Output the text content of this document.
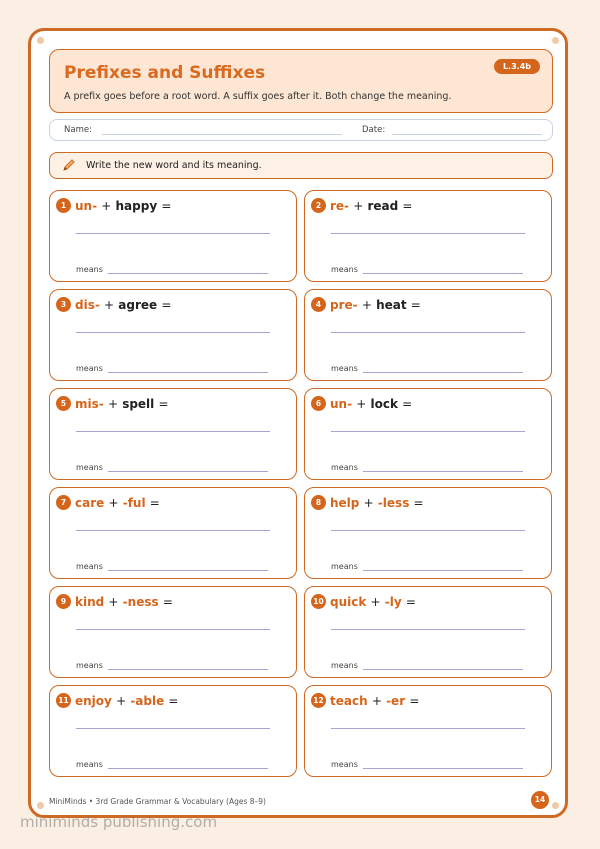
Prefixes and Suffixes
A prefix goes before a root word. A suffix goes after it. Both change the meaning.
L.3.4b
Name:	Date:
Write the new word and its meaning.
1 un- + happy =
means
2 re- + read =
means
3 dis- + agree =
means
4 pre- + heat =
means
5 mis- + spell =
means
6 un- + lock =
means
7 care + -ful =
means
8 help + -less =
means
9 kind + -ness =
means
10 quick + -ly =
means
11 enjoy + -able =
means
12 teach + -er =
means
MiniMinds • 3rd Grade Grammar & Vocabulary (Ages 8–9)	14
miniminds publishing.com
